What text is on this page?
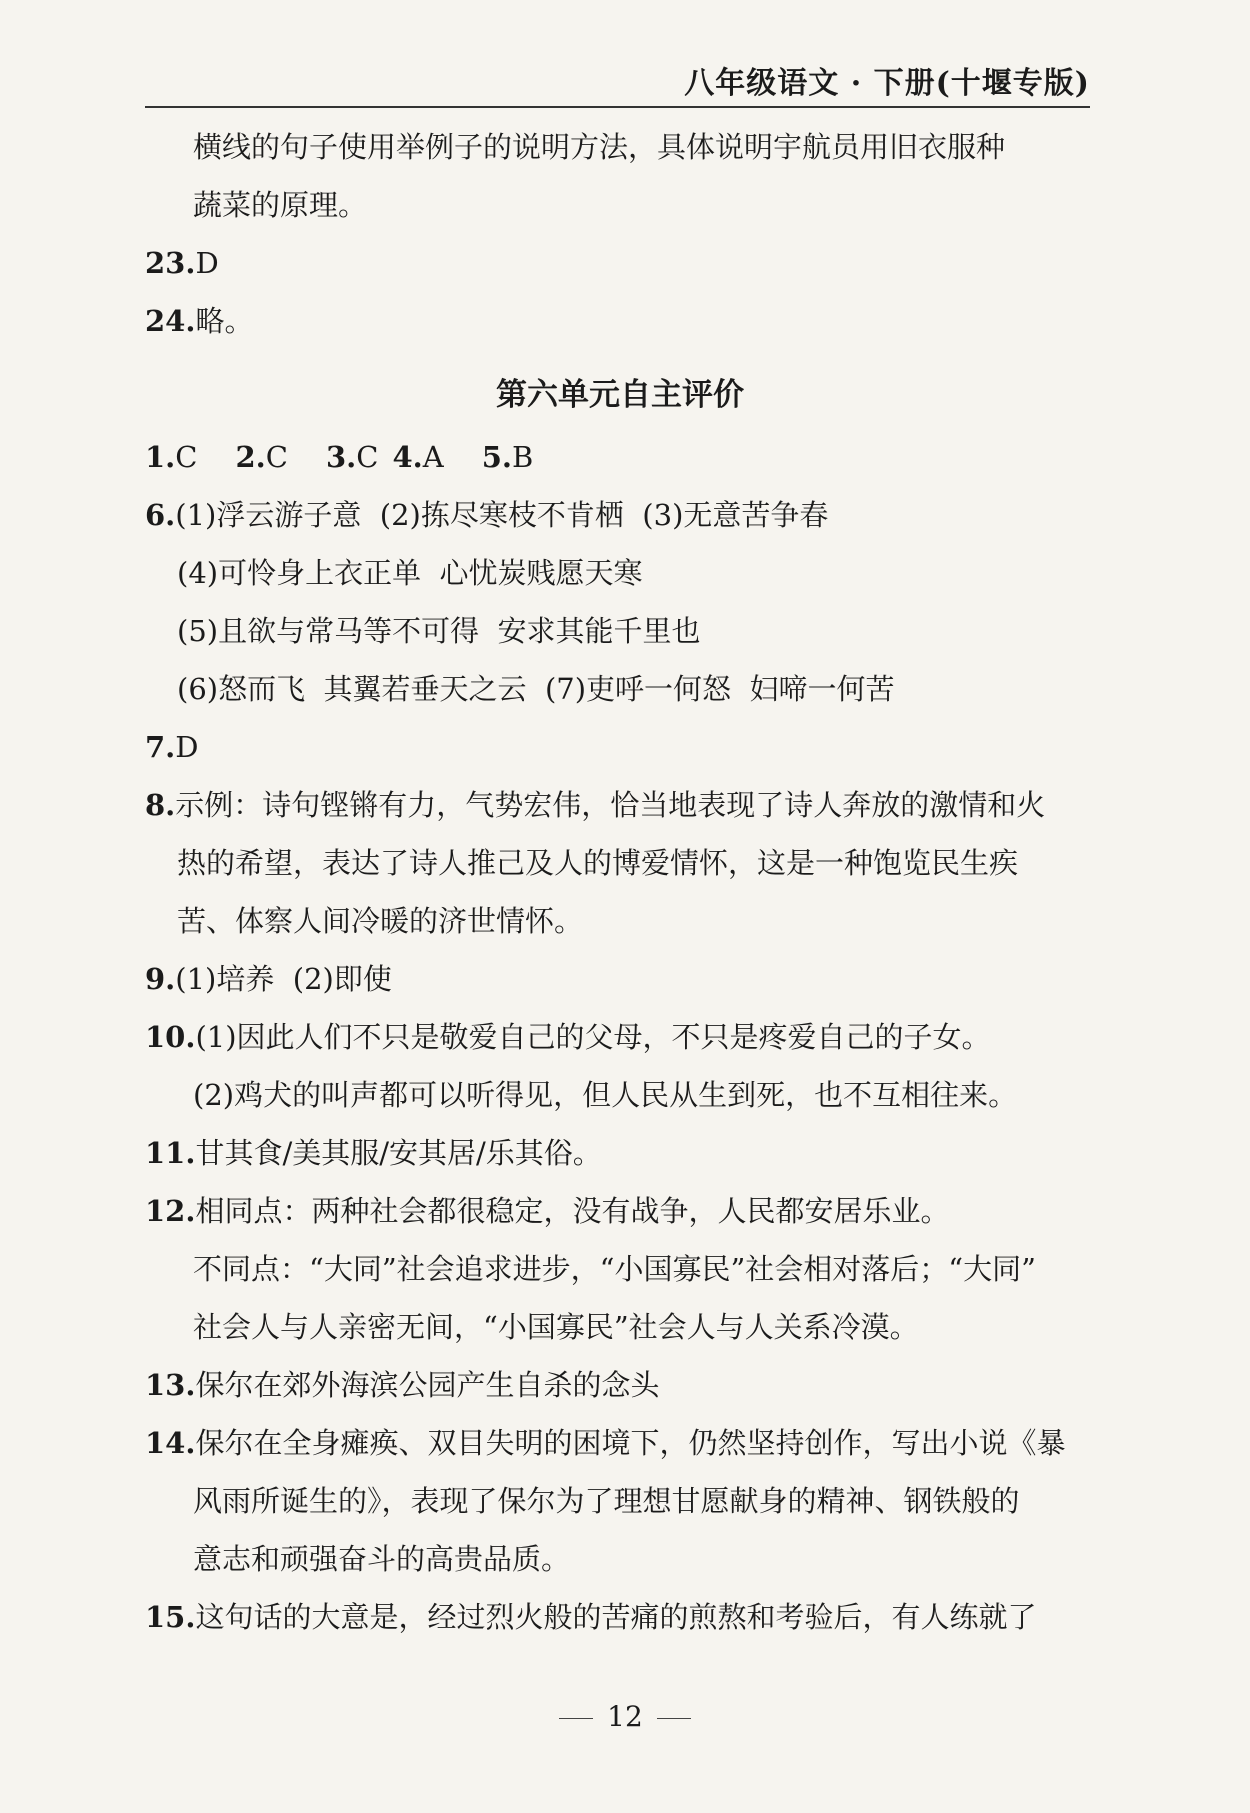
八年级语文 · 下册(十堰专版)
横线的句子使用举例子的说明方法，具体说明宇航员用旧衣服种
蔬菜的原理。
23.D
24.略。
第六单元自主评价
1.C 2.C 3.C 4.A 5.B
6.(1)浮云游子意  (2)拣尽寒枝不肯栖  (3)无意苦争春
(4)可怜身上衣正单  心忧炭贱愿天寒
(5)且欲与常马等不可得  安求其能千里也
(6)怒而飞  其翼若垂天之云  (7)吏呼一何怒  妇啼一何苦
7.D
8.示例：诗句铿锵有力，气势宏伟，恰当地表现了诗人奔放的激情和火
热的希望，表达了诗人推己及人的博爱情怀，这是一种饱览民生疾
苦、体察人间冷暖的济世情怀。
9.(1)培养  (2)即使
10.(1)因此人们不只是敬爱自己的父母，不只是疼爱自己的子女。
(2)鸡犬的叫声都可以听得见，但人民从生到死，也不互相往来。
11.甘其食/美其服/安其居/乐其俗。
12.相同点：两种社会都很稳定，没有战争，人民都安居乐业。
不同点：“大同”社会追求进步，“小国寡民”社会相对落后；“大同”
社会人与人亲密无间，“小国寡民”社会人与人关系冷漠。
13.保尔在郊外海滨公园产生自杀的念头
14.保尔在全身瘫痪、双目失明的困境下，仍然坚持创作，写出小说《暴
风雨所诞生的》，表现了保尔为了理想甘愿献身的精神、钢铁般的
意志和顽强奋斗的高贵品质。
15.这句话的大意是，经过烈火般的苦痛的煎熬和考验后，有人练就了
12
